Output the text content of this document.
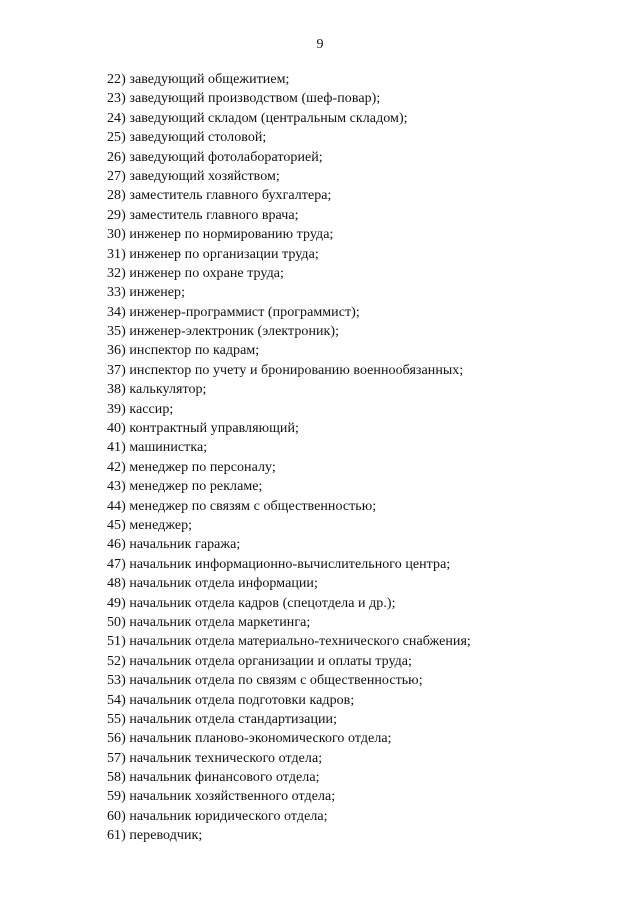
9
22) заведующий общежитием;
23) заведующий производством (шеф-повар);
24) заведующий складом (центральным складом);
25) заведующий столовой;
26) заведующий фотолабораторией;
27) заведующий хозяйством;
28) заместитель главного бухгалтера;
29) заместитель главного врача;
30) инженер по нормированию труда;
31) инженер по организации труда;
32) инженер по охране труда;
33) инженер;
34) инженер-программист (программист);
35) инженер-электроник (электроник);
36) инспектор по кадрам;
37) инспектор по учету и бронированию военнообязанных;
38) калькулятор;
39) кассир;
40) контрактный управляющий;
41) машинистка;
42) менеджер по персоналу;
43) менеджер по рекламе;
44) менеджер по связям с общественностью;
45) менеджер;
46) начальник гаража;
47) начальник информационно-вычислительного центра;
48) начальник отдела информации;
49) начальник отдела кадров (спецотдела и др.);
50) начальник отдела маркетинга;
51) начальник отдела материально-технического снабжения;
52) начальник отдела организации и оплаты труда;
53) начальник отдела по связям с общественностью;
54) начальник отдела подготовки кадров;
55) начальник отдела стандартизации;
56) начальник планово-экономического отдела;
57) начальник технического отдела;
58) начальник финансового отдела;
59) начальник хозяйственного отдела;
60) начальник юридического отдела;
61) переводчик;
